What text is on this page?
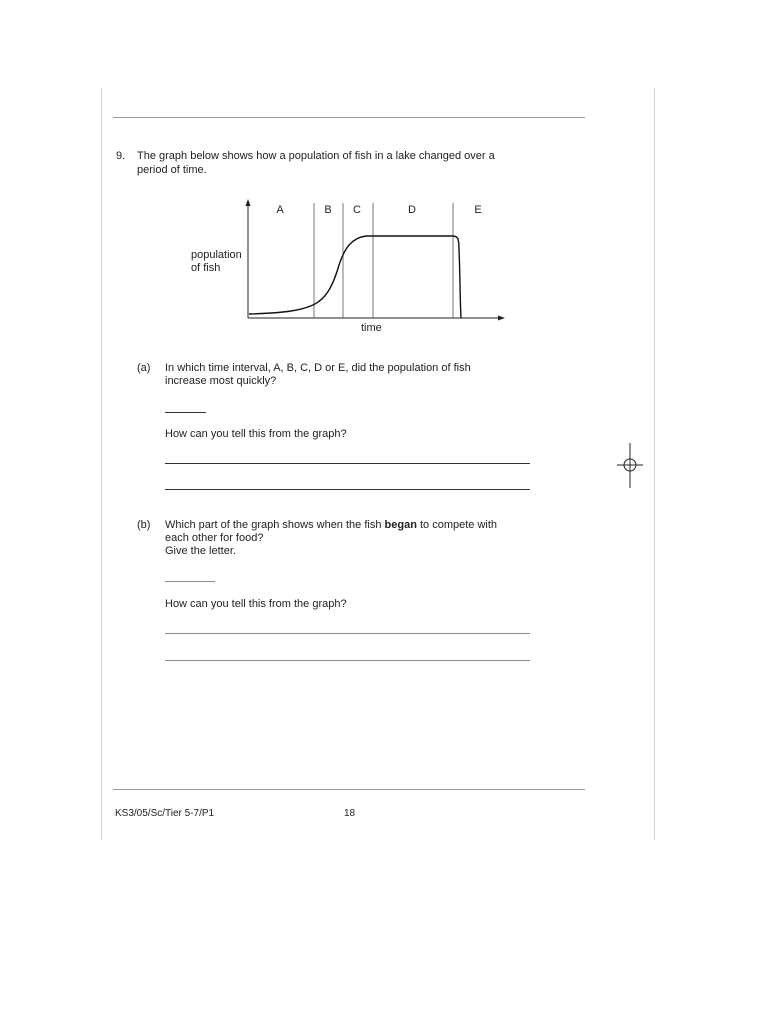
9. The graph below shows how a population of fish in a lake changed over a
period of time.
A	B C	D	E
population
of fish
time
(a) In which time interval, A, B, C, D or E, did the population of fish
increase most quickly?
How can you tell this from the graph?
(b) Which part of the graph shows when the fish began to compete with
each other for food?
Give the letter.
How can you tell this from the graph?
KS3/05/Sc/Tier 5-7/P1	18
